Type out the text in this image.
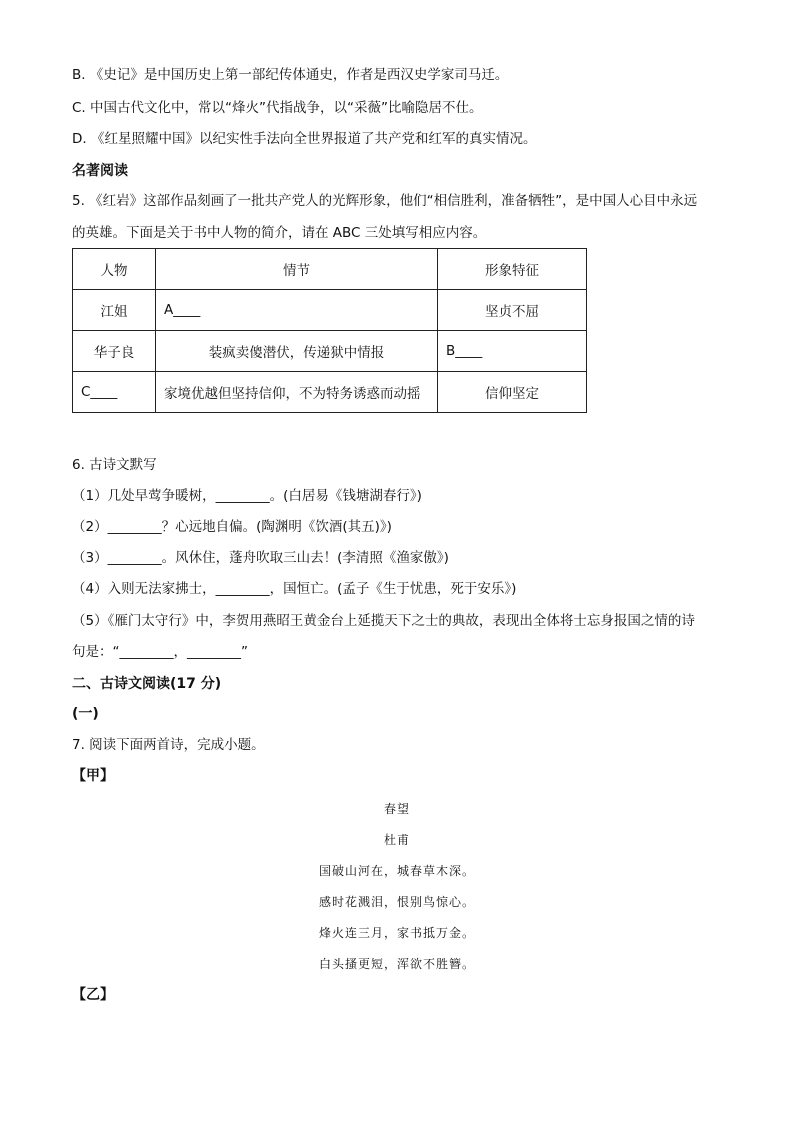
B. 《史记》是中国历史上第一部纪传体通史，作者是西汉史学家司马迁。
C. 中国古代文化中，常以“烽火”代指战争，以“采薇”比喻隐居不仕。
D. 《红星照耀中国》以纪实性手法向全世界报道了共产党和红军的真实情况。
名著阅读
5. 《红岩》这部作品刻画了一批共产党人的光辉形象，他们“相信胜利，准备牺牲”，是中国人心目中永远
的英雄。下面是关于书中人物的简介，请在 ABC 三处填写相应内容。
人物	情节	形象特征
江姐	A____	坚贞不屈
华子良	装疯卖傻潜伏，传递狱中情报	B____
C____	家境优越但坚持信仰，不为特务诱惑而动摇	信仰坚定
6. 古诗文默写
（1）几处早莺争暖树，________。(白居易《钱塘湖春行》)
（2）________？心远地自偏。(陶渊明《饮酒(其五)》)
（3）________。风休住，蓬舟吹取三山去！(李清照《渔家傲》)
（4）入则无法家拂士，________，国恒亡。(孟子《生于忧患，死于安乐》)
（5）《雁门太守行》中，李贺用燕昭王黄金台上延揽天下之士的典故，表现出全体将士忘身报国之情的诗
句是：“________，________”
二、古诗文阅读(17 分)
(一)
7. 阅读下面两首诗，完成小题。
【甲】
春望
杜甫
国破山河在，城春草木深。
感时花溅泪，恨别鸟惊心。
烽火连三月，家书抵万金。
白头搔更短，浑欲不胜簪。
【乙】
